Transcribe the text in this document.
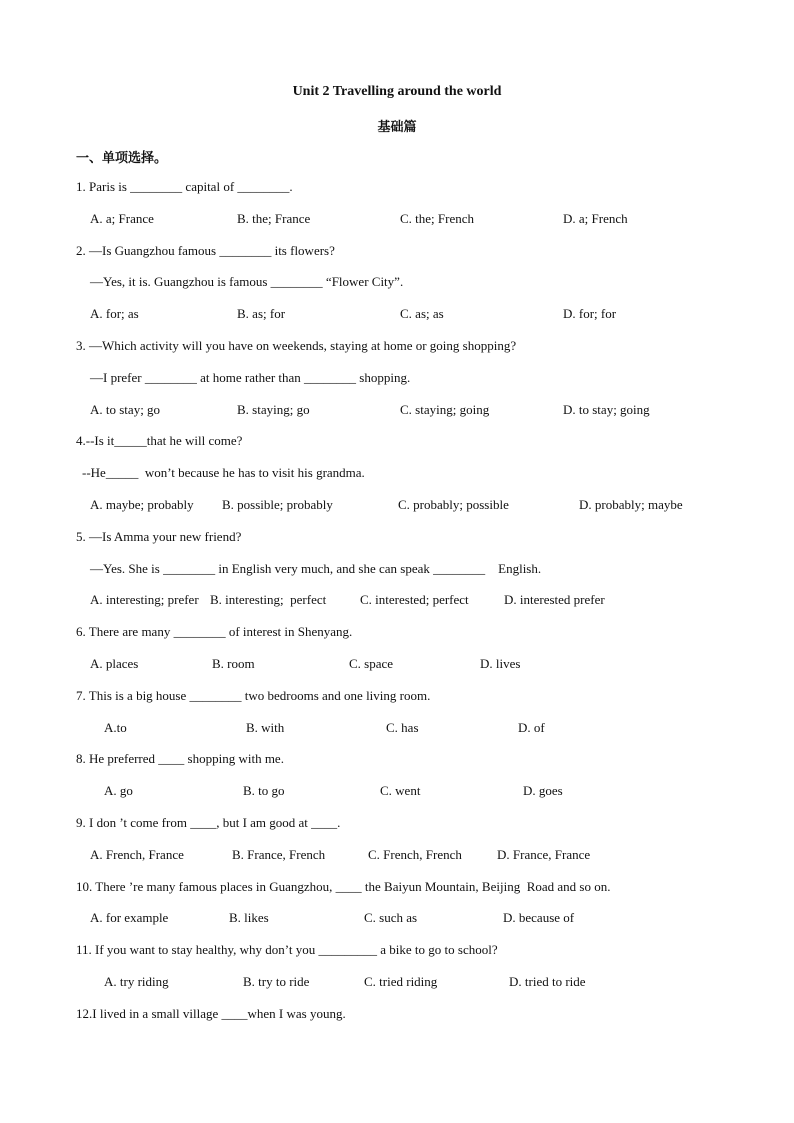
Unit 2 Travelling around the world
基础篇
一、单项选择。
1. Paris is ________ capital of ________.
A. a; France	B. the; France	C. the; French	D. a; French
2. —Is Guangzhou famous ________ its flowers?
—Yes, it is. Guangzhou is famous ________ “Flower City”.
A. for; as	B. as; for	C. as; as	D. for; for
3. —Which activity will you have on weekends, staying at home or going shopping?
—I prefer ________ at home rather than ________ shopping.
A. to stay; go	B. staying; go	C. staying; going	D. to stay; going
4.--Is it_____that he will come?
--He_____  won’t because he has to visit his grandma.
A. maybe; probably B. possible; probably	C. probably; possible	D. probably; maybe
5. —Is Amma your new friend?
—Yes. She is ________ in English very much, and she can speak ________    English.
A. interesting; prefer B. interesting;  perfect	C. interested; perfect	D. interested prefer
6. There are many ________ of interest in Shenyang.
A. places	B. room	C. space	D. lives
7. This is a big house ________ two bedrooms and one living room.
A.to	B. with	C. has	D. of
8. He preferred ____ shopping with me.
A. go	B. to go	C. went	D. goes
9. I don ’t come from ____, but I am good at ____.
A. French, France	B. France, French	C. French, French	D. France, France
10. There ’re many famous places in Guangzhou, ____ the Baiyun Mountain, Beijing  Road and so on.
A. for example	B. likes	C. such as	D. because of
11. If you want to stay healthy, why don’t you _________ a bike to go to school?
A. try riding	B. try to ride	C. tried riding	D. tried to ride
12.I lived in a small village ____when I was young.
